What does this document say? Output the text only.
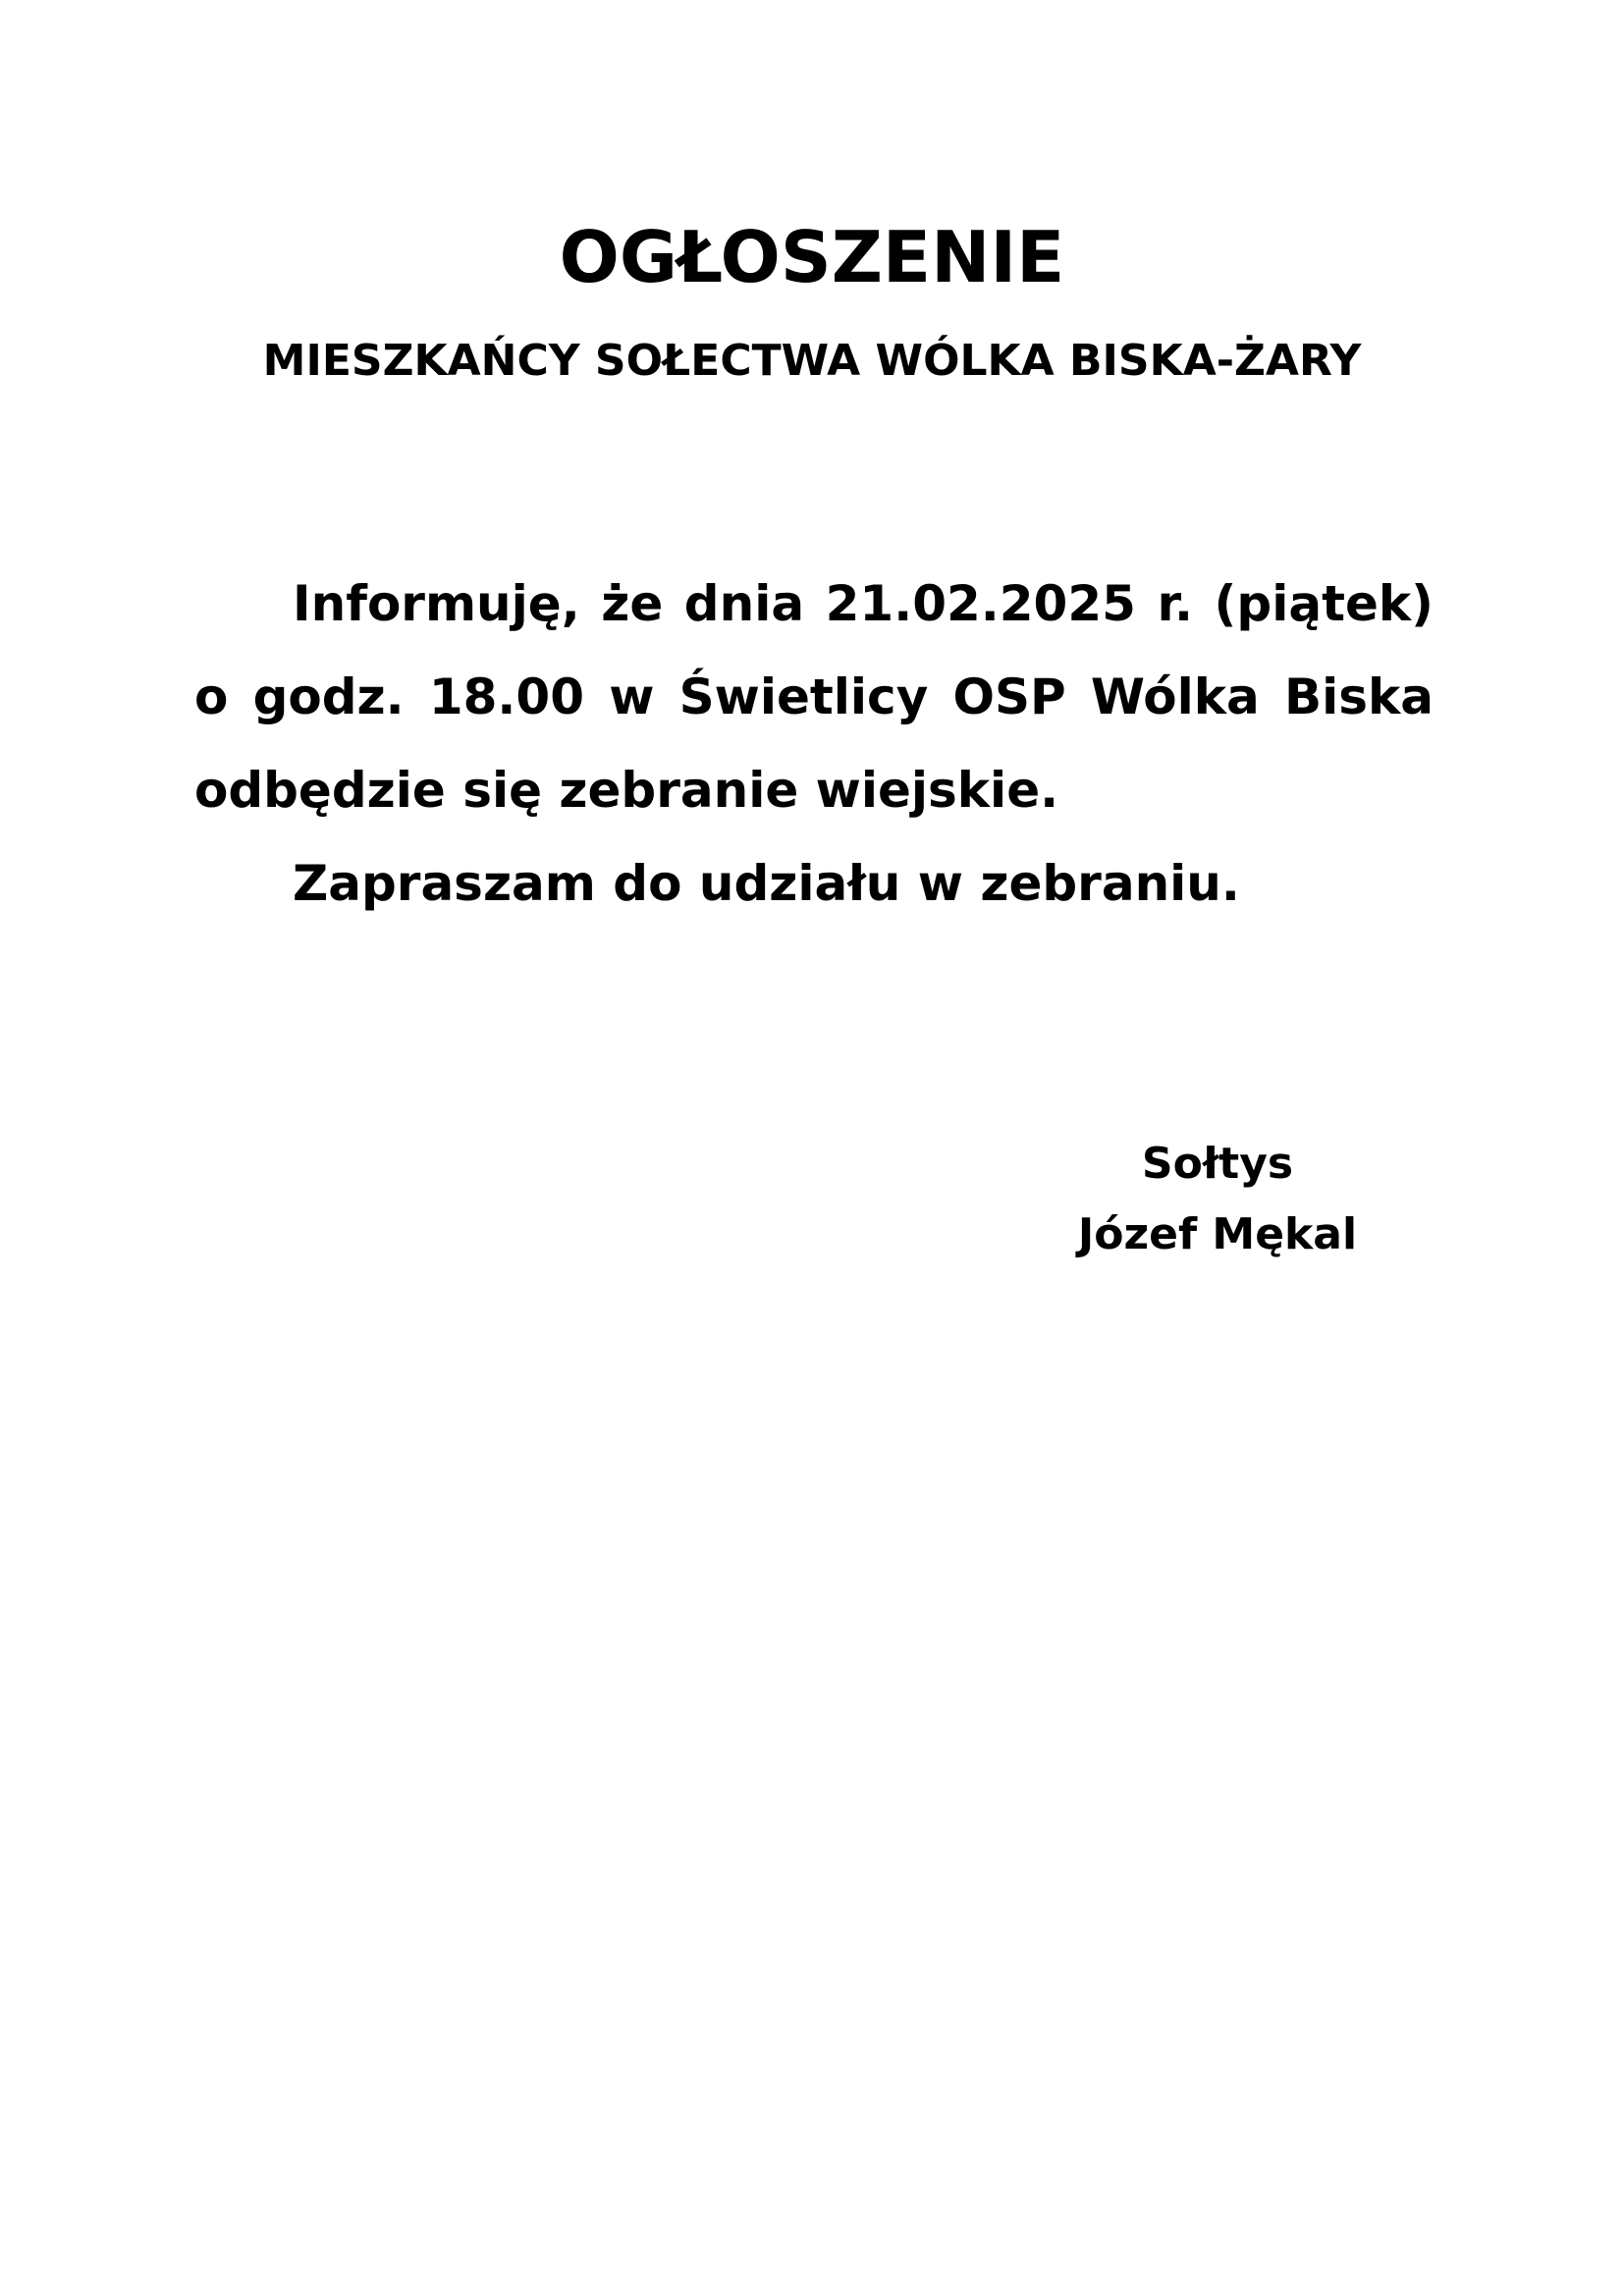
OGŁOSZENIE
MIESZKAŃCY SOŁECTWA WÓLKA BISKA-ŻARY

Informuję, że dnia 21.02.2025 r. (piątek) o godz. 18.00 w Świetlicy OSP Wólka Biska odbędzie się zebranie wiejskie.

Zapraszam do udziału w zebraniu.

Sołtys
Józef Mękal
